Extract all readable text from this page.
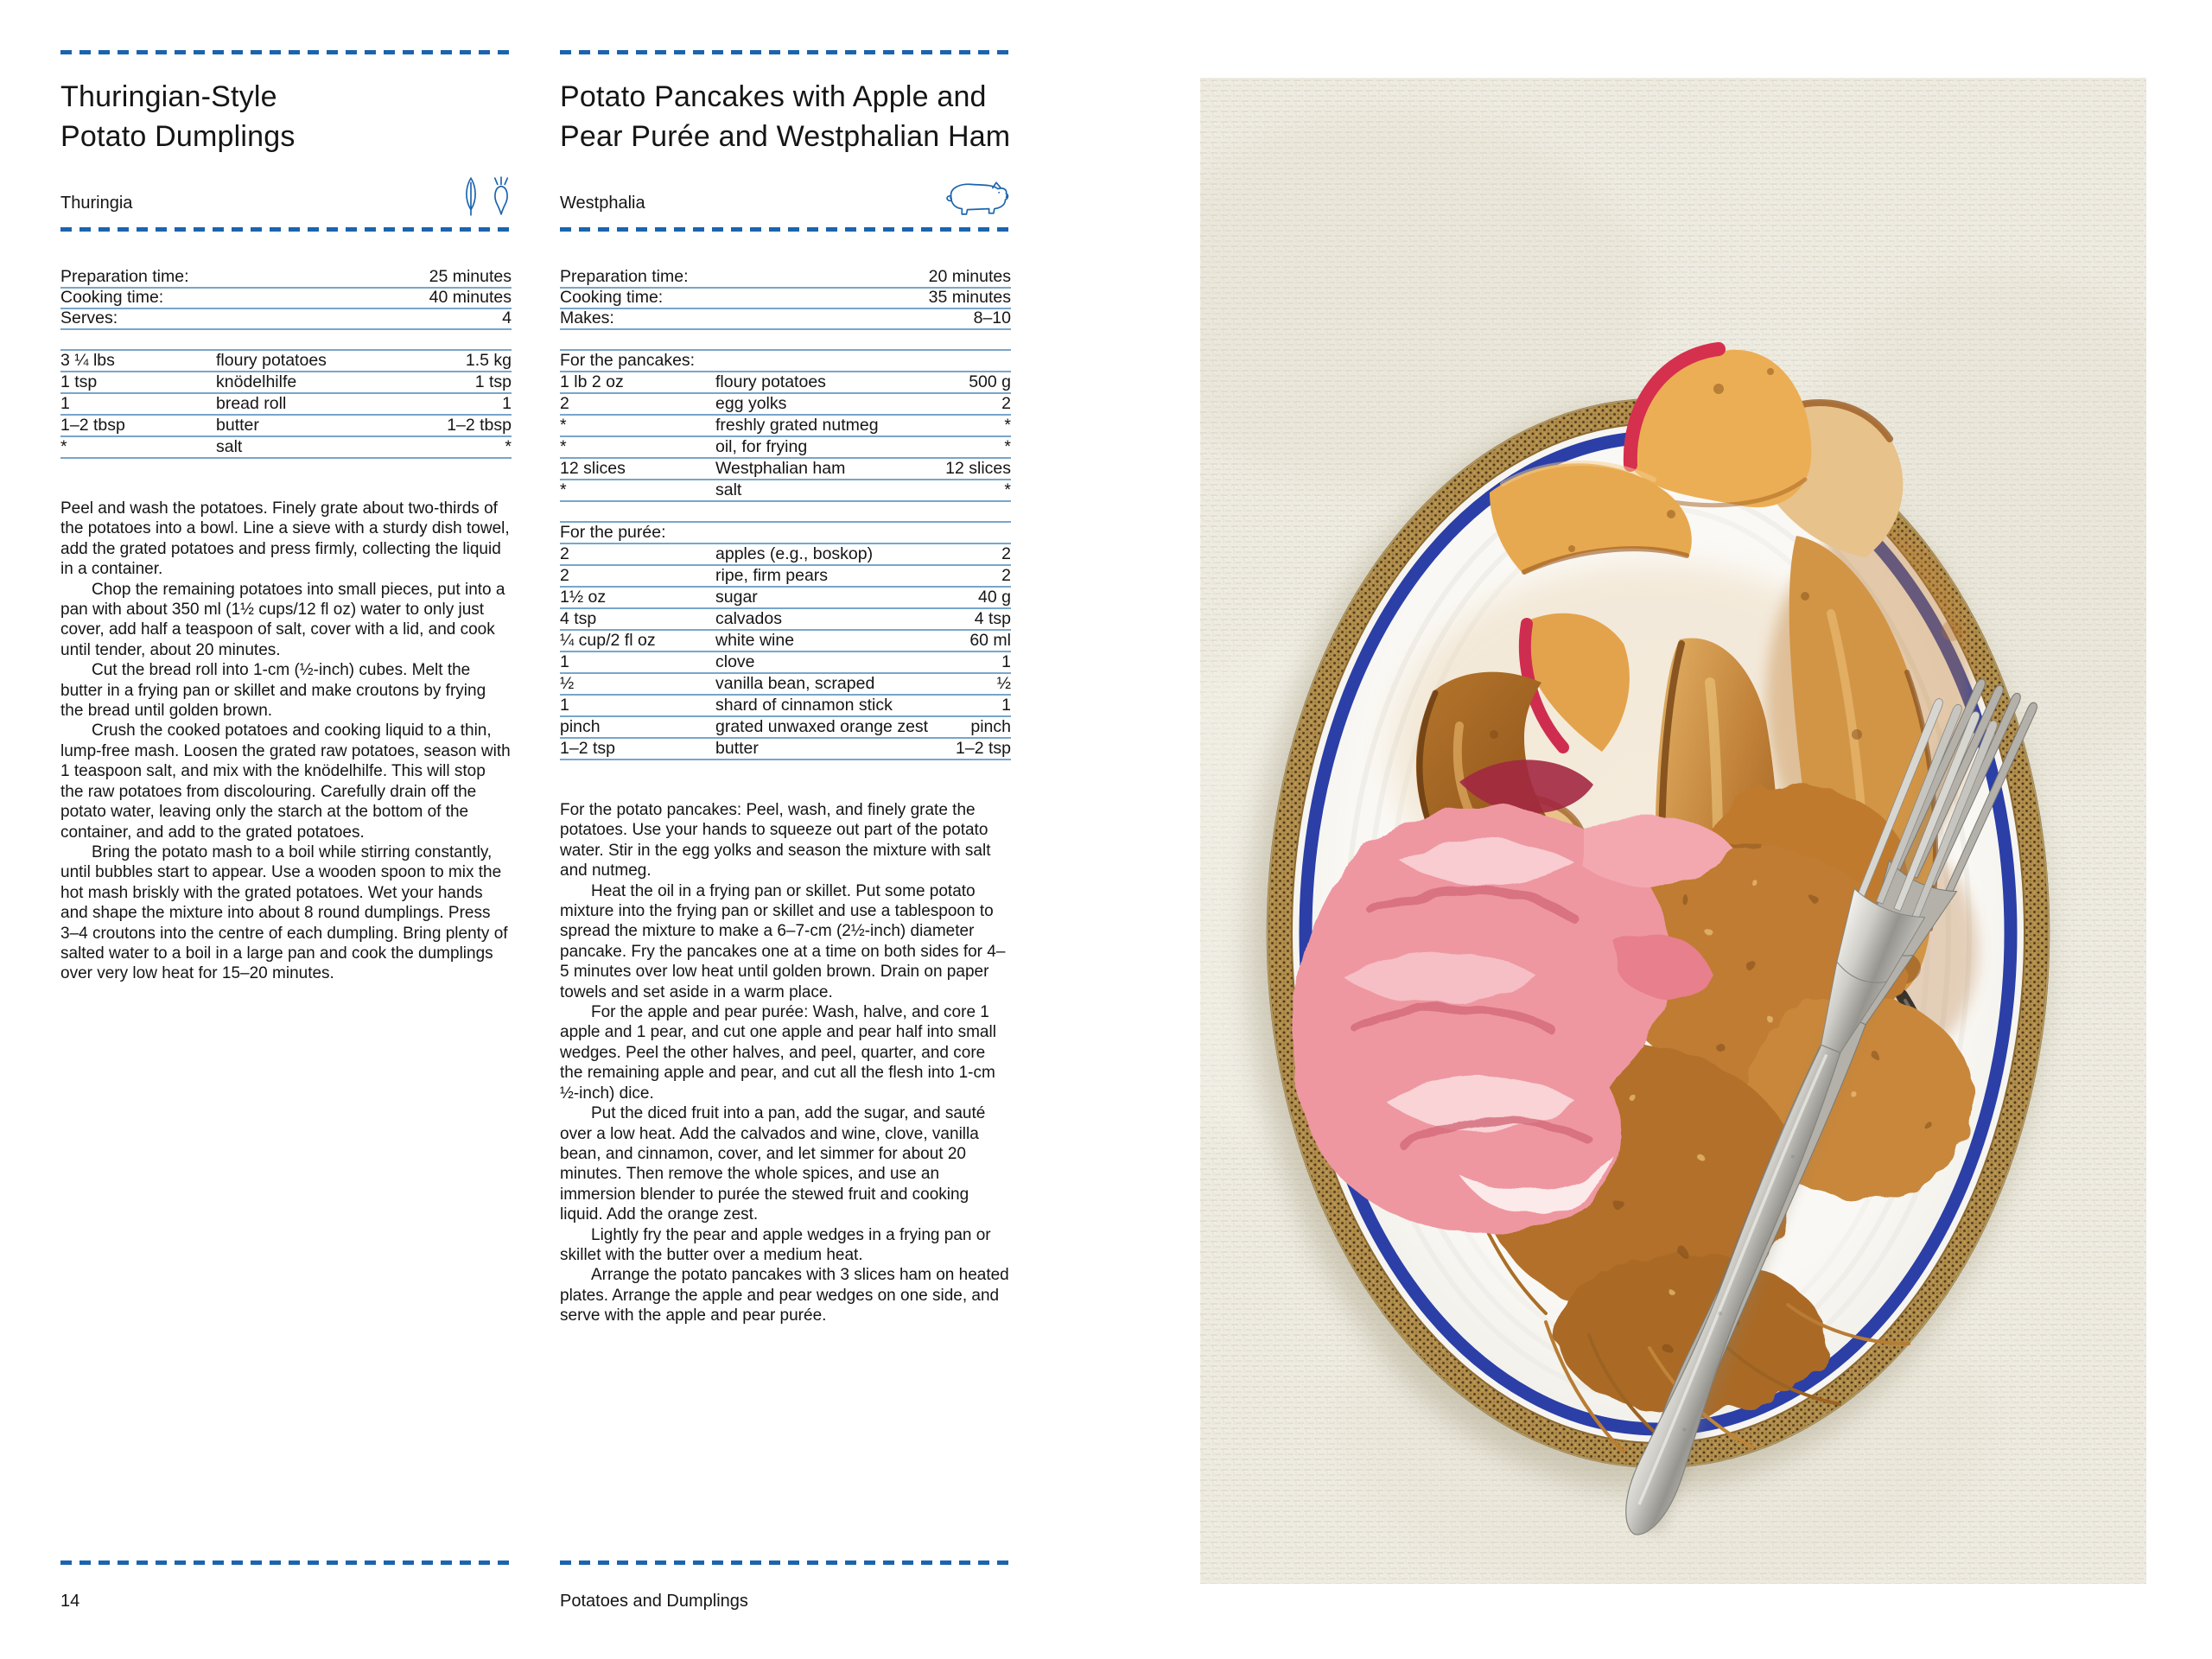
Thuringian-Style
Potato Dumplings
Thuringia
Preparation time:	25 minutes
Cooking time:	40 minutes
Serves:	4
3 ¼ lbs	floury potatoes	1.5 kg
1 tsp	knödelhilfe	1 tsp
1	bread roll	1
1–2 tbsp	butter	1–2 tbsp
*	salt	*

Peel and wash the potatoes. Finely grate about two-thirds of the potatoes into a bowl. Line a sieve with a sturdy dish towel, add the grated potatoes and press firmly, collecting the liquid in a container.

Chop the remaining potatoes into small pieces, put into a pan with about 350 ml (1½ cups/12 fl oz) water to only just cover, add half a teaspoon of salt, cover with a lid, and cook until tender, about 20 minutes.

Cut the bread roll into 1-cm (½-inch) cubes. Melt the butter in a frying pan or skillet and make croutons by frying the bread until golden brown.

Crush the cooked potatoes and cooking liquid to a thin, lump-free mash. Loosen the grated raw potatoes, season with 1 teaspoon salt, and mix with the knödelhilfe. This will stop the raw potatoes from discolouring. Carefully drain off the potato water, leaving only the starch at the bottom of the container, and add to the grated potatoes.

Bring the potato mash to a boil while stirring constantly, until bubbles start to appear. Use a wooden spoon to mix the hot mash briskly with the grated potatoes. Wet your hands and shape the mixture into about 8 round dumplings. Press 3–4 croutons into the centre of each dumpling. Bring plenty of salted water to a boil in a large pan and cook the dumplings over very low heat for 15–20 minutes.

Potato Pancakes with Apple and
Pear Purée and Westphalian Ham
Westphalia
Preparation time:	20 minutes
Cooking time:	35 minutes
Makes:	8–10
For the pancakes:
1 lb 2 oz	floury potatoes	500 g
2	egg yolks	2
*	freshly grated nutmeg	*
*	oil, for frying	*
12 slices	Westphalian ham	12 slices
*	salt	*
For the purée:
2	apples (e.g., boskop)	2
2	ripe, firm pears	2
1½ oz	sugar	40 g
4 tsp	calvados	4 tsp
¼ cup/2 fl oz	white wine	60 ml
1	clove	1
½	vanilla bean, scraped	½
1	shard of cinnamon stick	1
pinch	grated unwaxed orange zest	pinch
1–2 tsp	butter	1–2 tsp

For the potato pancakes: Peel, wash, and finely grate the potatoes. Use your hands to squeeze out part of the potato water. Stir in the egg yolks and season the mixture with salt and nutmeg.

Heat the oil in a frying pan or skillet. Put some potato mixture into the frying pan or skillet and use a tablespoon to spread the mixture to make a 6–7-cm (2½-inch) diameter pancake. Fry the pancakes one at a time on both sides for 4–5 minutes over low heat until golden brown. Drain on paper towels and set aside in a warm place.

For the apple and pear purée: Wash, halve, and core 1 apple and 1 pear, and cut one apple and pear half into small wedges. Peel the other halves, and peel, quarter, and core the remaining apple and pear, and cut all the flesh into 1-cm ½-inch) dice.

Put the diced fruit into a pan, add the sugar, and sauté over a low heat. Add the calvados and wine, clove, vanilla bean, and cinnamon, cover, and let simmer for about 20 minutes. Then remove the whole spices, and use an immersion blender to purée the stewed fruit and cooking liquid. Add the orange zest.

Lightly fry the pear and apple wedges in a frying pan or skillet with the butter over a medium heat.

Arrange the potato pancakes with 3 slices ham on heated plates. Arrange the apple and pear wedges on one side, and serve with the apple and pear purée.

14	Potatoes and Dumplings
